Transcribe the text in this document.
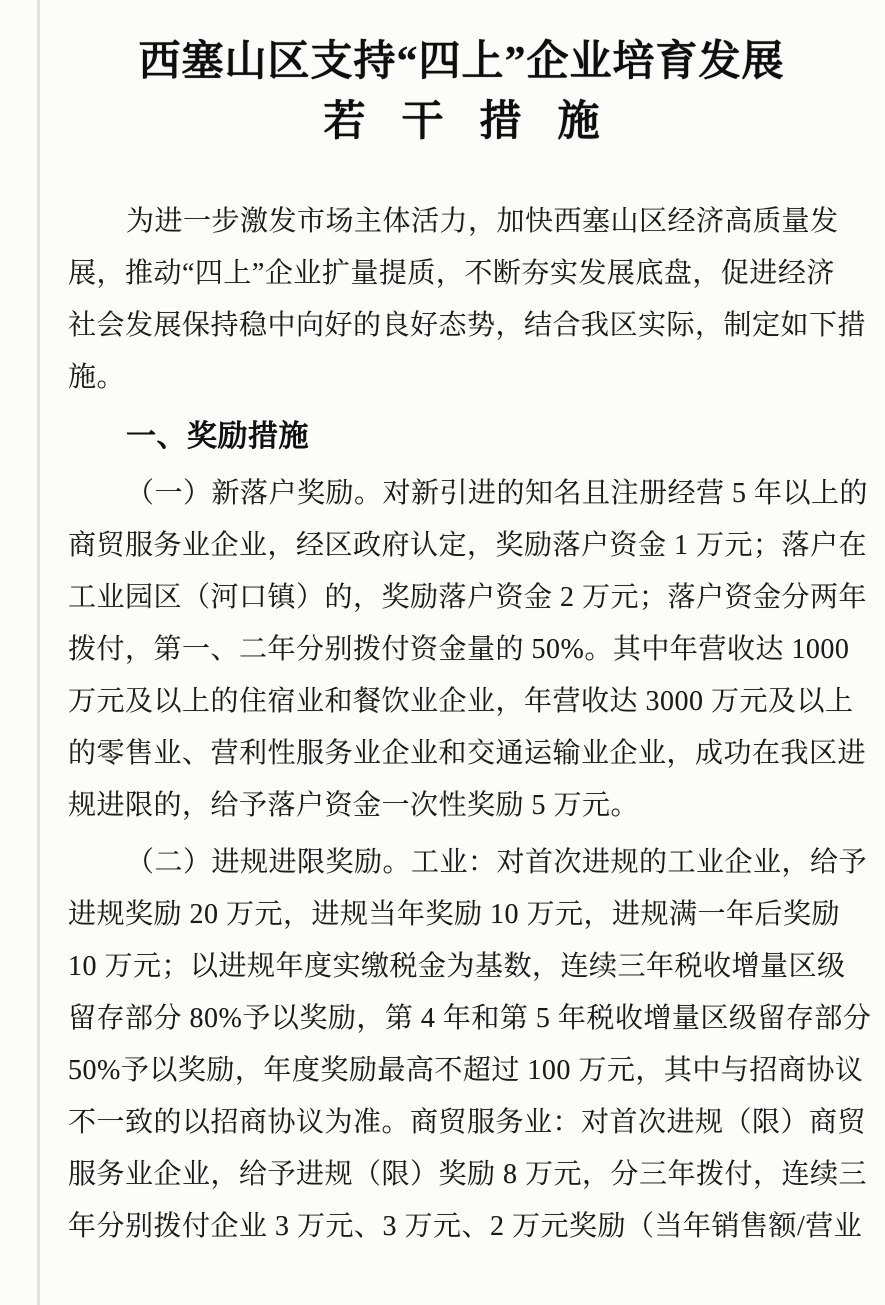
西塞山区支持“四上”企业培育发展
若干措施
为进一步激发市场主体活力，加快西塞山区经济高质量发
展，推动“四上”企业扩量提质，不断夯实发展底盘，促进经济
社会发展保持稳中向好的良好态势，结合我区实际，制定如下措
施。
一、奖励措施
（一）新落户奖励。对新引进的知名且注册经营 5 年以上的
商贸服务业企业，经区政府认定，奖励落户资金 1 万元；落户在
工业园区（河口镇）的，奖励落户资金 2 万元；落户资金分两年
拨付，第一、二年分别拨付资金量的 50%。其中年营收达 1000
万元及以上的住宿业和餐饮业企业，年营收达 3000 万元及以上
的零售业、营利性服务业企业和交通运输业企业，成功在我区进
规进限的，给予落户资金一次性奖励 5 万元。
（二）进规进限奖励。工业：对首次进规的工业企业，给予
进规奖励 20 万元，进规当年奖励 10 万元，进规满一年后奖励
10 万元；以进规年度实缴税金为基数，连续三年税收增量区级
留存部分 80%予以奖励，第 4 年和第 5 年税收增量区级留存部分
50%予以奖励，年度奖励最高不超过 100 万元，其中与招商协议
不一致的以招商协议为准。商贸服务业：对首次进规（限）商贸
服务业企业，给予进规（限）奖励 8 万元，分三年拨付，连续三
年分别拨付企业 3 万元、3 万元、2 万元奖励（当年销售额/营业
